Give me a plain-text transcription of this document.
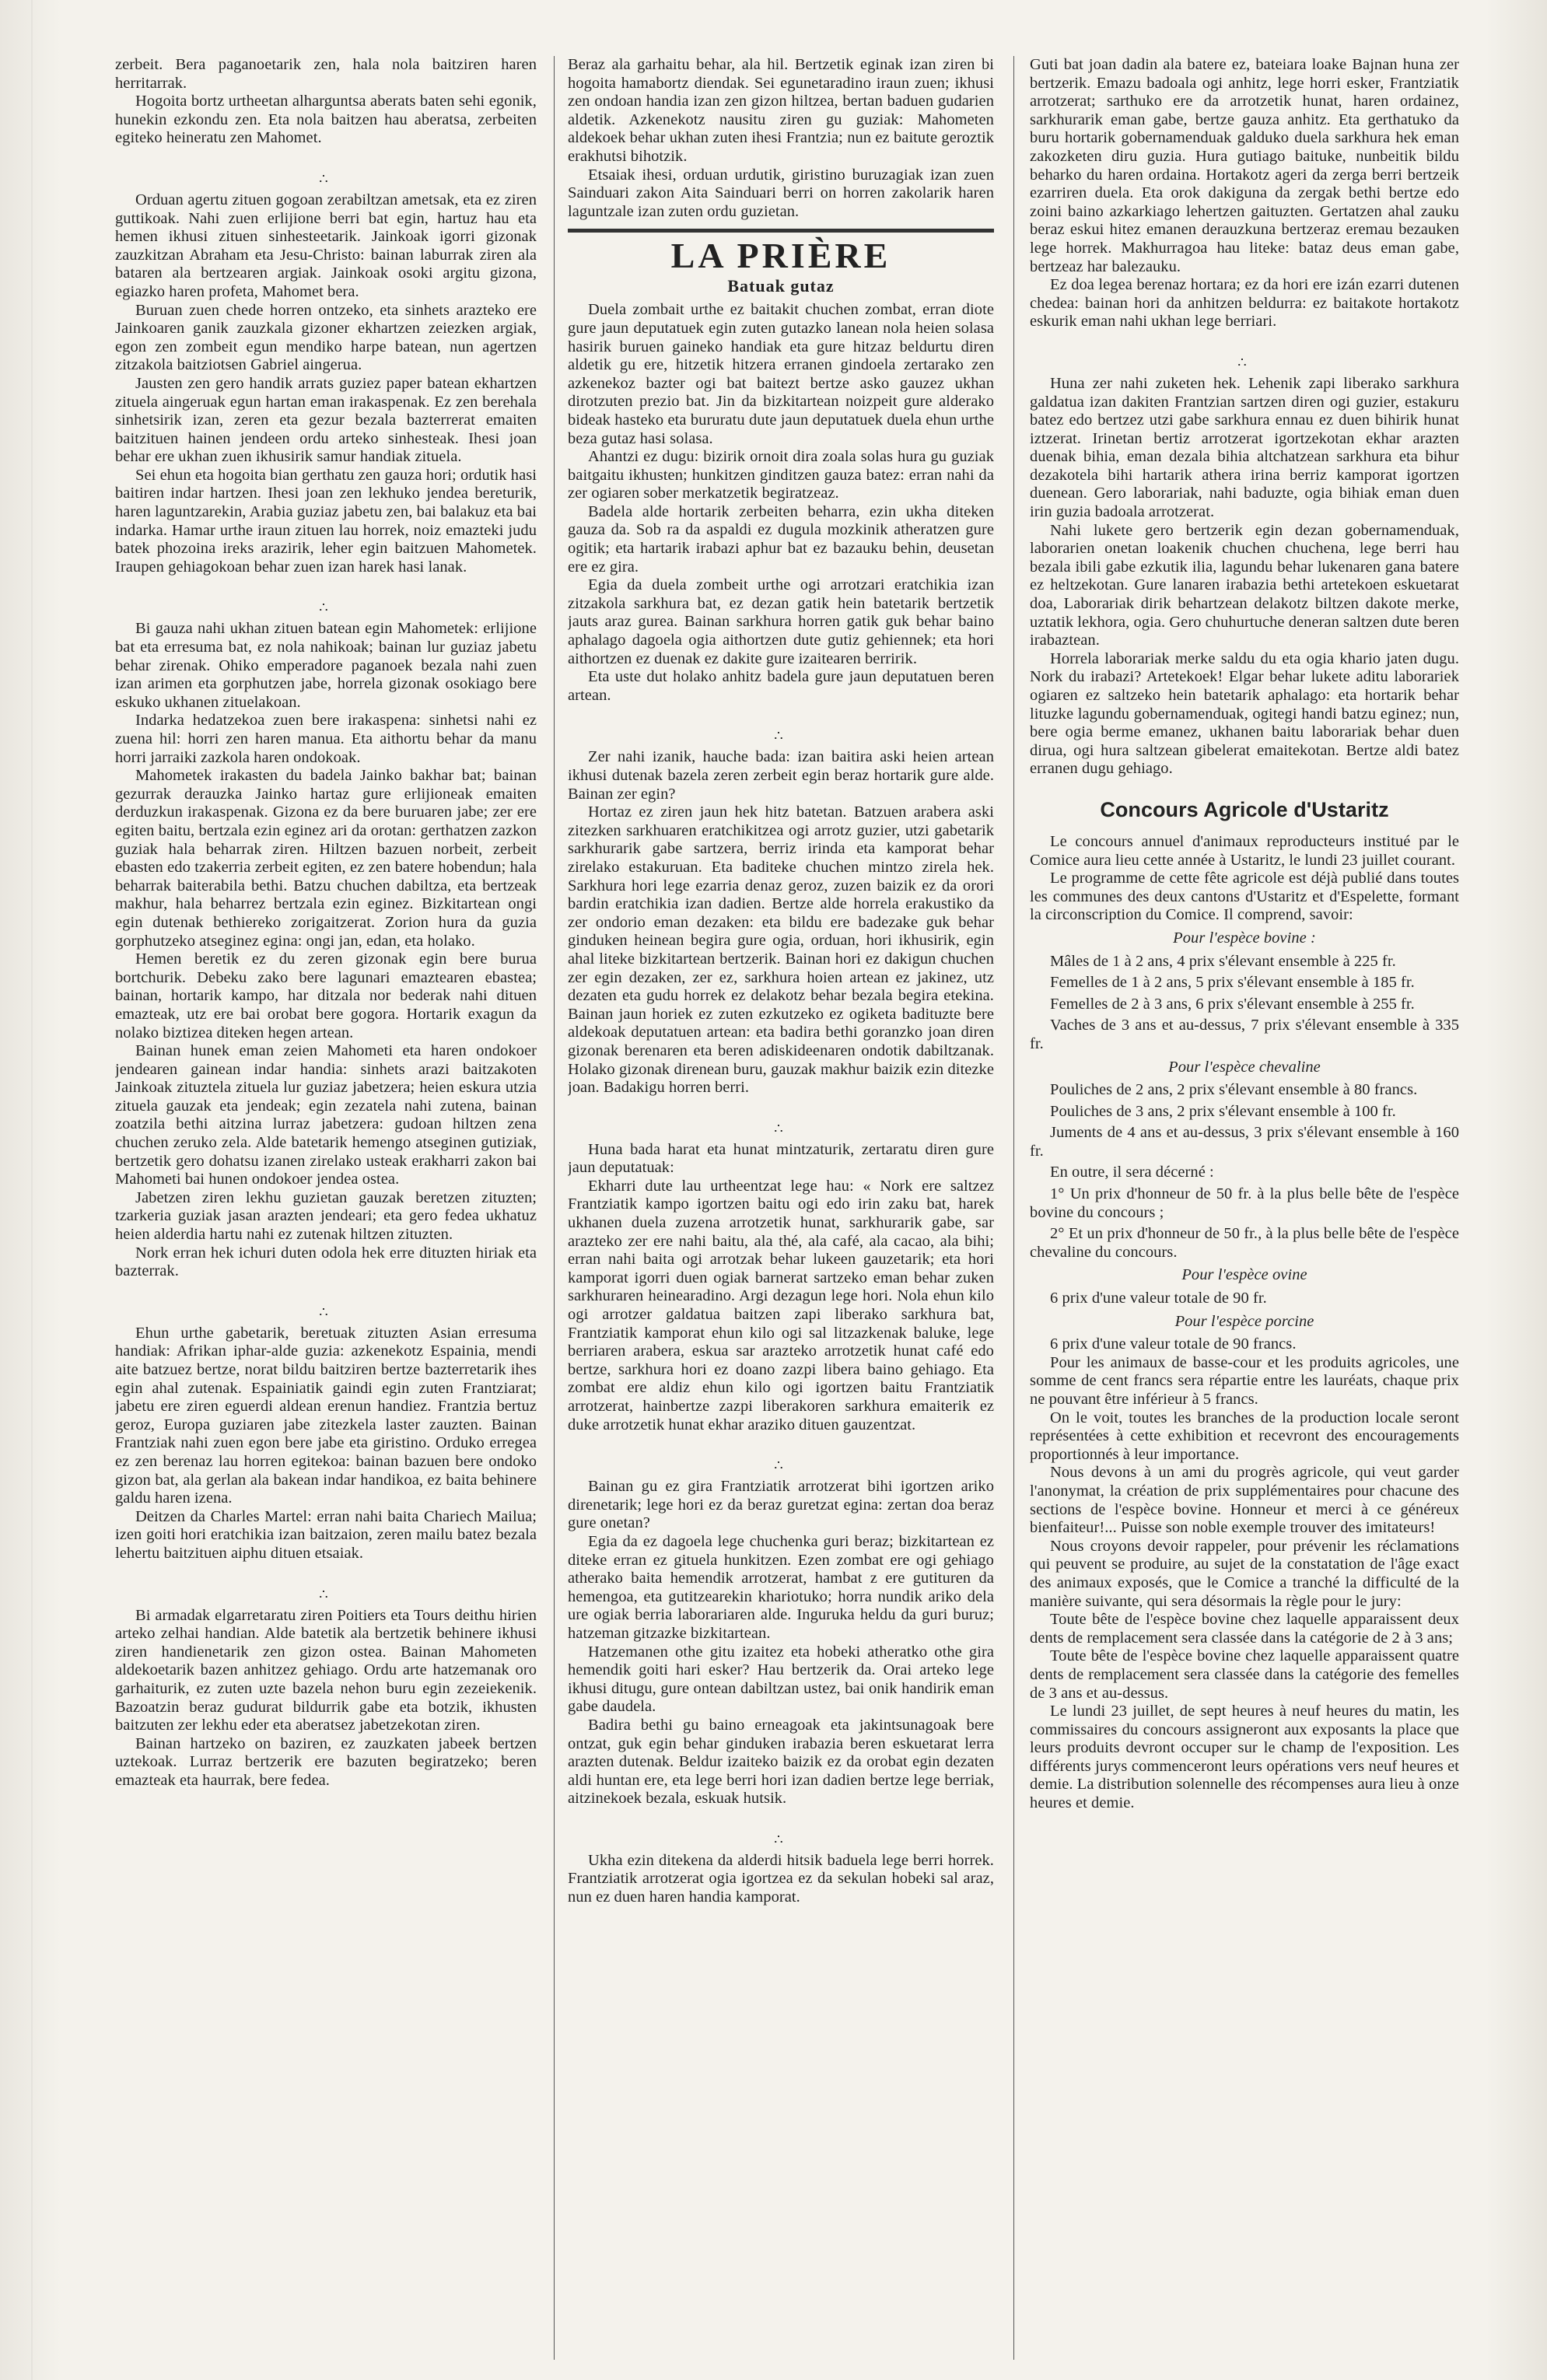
zerbeit. Bera paganoetarik zen, hala nola baitziren haren herritarrak.

Hogoita bortz urtheetan alharguntsa aberats baten sehi egonik, hunekin ezkondu zen. Eta nola baitzen hau aberatsa, zerbeiten egiteko heineratu zen Mahomet.

∴

Orduan agertu zituen gogoan zerabiltzan ametsak, eta ez ziren guttikoak. Nahi zuen erlijione berri bat egin, hartuz hau eta hemen ikhusi zituen sinhesteetarik. Jainkoak igorri gizonak zauzkitzan Abraham eta Jesu-Christo: bainan laburrak ziren ala bataren ala bertzearen argiak. Jainkoak osoki argitu gizona, egiazko haren profeta, Mahomet bera.

Buruan zuen chede horren ontzeko, eta sinhets arazteko ere Jainkoaren ganik zauzkala gizoner ekhartzen zeiezken argiak, egon zen zombeit egun mendiko harpe batean, nun agertzen zitzakola baitziotsen Gabriel aingerua.

Jausten zen gero handik arrats guziez paper batean ekhartzen zituela aingeruak egun hartan eman irakaspenak. Ez zen berehala sinhetsirik izan, zeren eta gezur bezala bazterrerat emaiten baitzituen hainen jendeen ordu arteko sinhesteak. Ihesi joan behar ere ukhan zuen ikhusirik samur handiak zituela.

Sei ehun eta hogoita bian gerthatu zen gauza hori; ordutik hasi baitiren indar hartzen. Ihesi joan zen lekhuko jendea bereturik, haren laguntzarekin, Arabia guziaz jabetu zen, bai balakuz eta bai indarka. Hamar urthe iraun zituen lau horrek, noiz emazteki judu batek phozoina ireks arazirik, leher egin baitzuen Mahometek. Iraupen gehiagokoan behar zuen izan harek hasi lanak.

∴

Bi gauza nahi ukhan zituen batean egin Mahometek: erlijione bat eta erresuma bat, ez nola nahikoak; bainan lur guziaz jabetu behar zirenak. Ohiko emperadore paganoek bezala nahi zuen izan arimen eta gorphutzen jabe, horrela gizonak osokiago bere eskuko ukhanen zituelakoan.

Indarka hedatzekoa zuen bere irakaspena: sinhetsi nahi ez zuena hil: horri zen haren manua. Eta aithortu behar da manu horri jarraiki zazkola haren ondokoak.

Mahometek irakasten du badela Jainko bakhar bat; bainan gezurrak derauzka Jainko hartaz gure erlijioneak emaiten derduzkun irakaspenak. Gizona ez da bere buruaren jabe; zer ere egiten baitu, bertzala ezin eginez ari da orotan: gerthatzen zazkon guziak hala beharrak ziren. Hiltzen bazuen norbeit, zerbeit ebasten edo tzakerria zerbeit egiten, ez zen batere hobendun; hala beharrak baiterabila bethi. Batzu chuchen dabiltza, eta bertzeak makhur, hala beharrez bertzala ezin eginez. Bizkitartean ongi egin dutenak bethiereko zorigaitzerat. Zorion hura da guzia gorphutzeko atseginez egina: ongi jan, edan, eta holako.

Hemen beretik ez du zeren gizonak egin bere burua bortchurik. Debeku zako bere lagunari emaztearen ebastea; bainan, hortarik kampo, har ditzala nor bederak nahi dituen emazteak, utz ere bai orobat bere gogora. Hortarik exagun da nolako biztizea diteken hegen artean.

Bainan hunek eman zeien Mahometi eta haren ondokoer jendearen gainean indar handia: sinhets arazi baitzakoten Jainkoak zituztela zituela lur guziaz jabetzera; heien eskura utzia zituela gauzak eta jendeak; egin zezatela nahi zutena, bainan zoatzila bethi aitzina lurraz jabetzera: gudoan hiltzen zena chuchen zeruko zela. Alde batetarik hemengo atseginen gutiziak, bertzetik gero dohatsu izanen zirelako usteak erakharri zakon bai Mahometi bai hunen ondokoer jendea ostea.

Jabetzen ziren lekhu guzietan gauzak beretzen zituzten; tzarkeria guziak jasan arazten jendeari; eta gero fedea ukhatuz heien alderdia hartu nahi ez zutenak hiltzen zituzten.

Nork erran hek ichuri duten odola hek erre dituzten hiriak eta bazterrak.

∴

Ehun urthe gabetarik, beretuak zituzten Asian erresuma handiak: Afrikan iphar-alde guzia: azkenekotz Espainia, mendi aite batzuez bertze, norat bildu baitziren bertze bazterretarik ihes egin ahal zutenak. Espainiatik gaindi egin zuten Frantziarat; jabetu ere ziren eguerdi aldean erenun handiez. Frantzia bertuz geroz, Europa guziaren jabe zitezkela laster zauzten. Bainan Frantziak nahi zuen egon bere jabe eta giristino. Orduko erregea ez zen berenaz lau horren egitekoa: bainan bazuen bere ondoko gizon bat, ala gerlan ala bakean indar handikoa, ez baita behinere galdu haren izena.

Deitzen da Charles Martel: erran nahi baita Chariech Mailua; izen goiti hori eratchikia izan baitzaion, zeren mailu batez bezala lehertu baitzituen aiphu dituen etsaiak.

∴

Bi armadak elgarretaratu ziren Poitiers eta Tours deithu hirien arteko zelhai handian. Alde batetik ala bertzetik behinere ikhusi ziren handienetarik zen gizon ostea. Bainan Mahometen aldekoetarik bazen anhitzez gehiago. Ordu arte hatzemanak oro garhaiturik, ez zuten uzte bazela nehon buru egin zezeiekenik. Bazoatzin beraz gudurat bildurrik gabe eta botzik, ikhusten baitzuten zer lekhu eder eta aberatsez jabetzekotan ziren.

Bainan hartzeko on baziren, ez zauzkaten jabeek bertzen uztekoak. Lurraz bertzerik ere bazuten begiratzeko; beren emazteak eta haurrak, bere fedea.

Beraz ala garhaitu behar, ala hil. Bertzetik eginak izan ziren bi hogoita hamabortz diendak. Sei egunetaradino iraun zuen; ikhusi zen ondoan handia izan zen gizon hiltzea, bertan baduen gudarien aldetik. Azkenekotz nausitu ziren gu guziak: Mahometen aldekoek behar ukhan zuten ihesi Frantzia; nun ez baitute geroztik erakhutsi bihotzik.

Etsaiak ihesi, orduan urdutik, giristino buruzagiak izan zuen Sainduari zakon Aita Sainduari berri on horren zakolarik haren laguntzale izan zuten ordu guzietan.

LA PRIÈRE
Batuak gutaz

Duela zombait urthe ez baitakit chuchen zombat, erran diote gure jaun deputatuek egin zuten gutazko lanean nola heien solasa hasirik buruen gaineko handiak eta gure hitzaz beldurtu diren aldetik gu ere, hitzetik hitzera erranen gindoela zertarako zen azkenekoz bazter ogi bat baitezt bertze asko gauzez ukhan dirotzuten prezio bat. Jin da bizkitartean noizpeit gure alderako bideak hasteko eta bururatu dute jaun deputatuek duela ehun urthe beza gutaz hasi solasa.

Ahantzi ez dugu: bizirik ornoit dira zoala solas hura gu guziak baitgaitu ikhusten; hunkitzen ginditzen gauza batez: erran nahi da zer ogiaren sober merkatzetik begiratzeaz.

Badela alde hortarik zerbeiten beharra, ezin ukha diteken gauza da. Sob ra da aspaldi ez dugula mozkinik atheratzen gure ogitik; eta hartarik irabazi aphur bat ez bazauku behin, deusetan ere ez gira.

Egia da duela zombeit urthe ogi arrotzari eratchikia izan zitzakola sarkhura bat, ez dezan gatik hein batetarik bertzetik jauts araz gurea. Bainan sarkhura horren gatik guk behar baino aphalago dagoela ogia aithortzen dute gutiz gehiennek; eta hori aithortzen ez duenak ez dakite gure izaitearen berririk.

Eta uste dut holako anhitz badela gure jaun deputatuen beren artean.

∴

Zer nahi izanik, hauche bada: izan baitira aski heien artean ikhusi dutenak bazela zeren zerbeit egin beraz hortarik gure alde. Bainan zer egin?

Hortaz ez ziren jaun hek hitz batetan. Batzuen arabera aski zitezken sarkhuaren eratchikitzea ogi arrotz guzier, utzi gabetarik sarkhurarik gabe sartzera, berriz irinda eta kamporat behar zirelako estakuruan. Eta baditeke chuchen mintzo zirela hek. Sarkhura hori lege ezarria denaz geroz, zuzen baizik ez da orori bardin eratchikia izan dadien. Bertze alde horrela erakustiko da zer ondorio eman dezaken: eta bildu ere badezake guk behar ginduken heinean begira gure ogia, orduan, hori ikhusirik, egin ahal liteke bizkitartean bertzerik. Bainan hori ez dakigun chuchen zer egin dezaken, zer ez, sarkhura hoien artean ez jakinez, utz dezaten eta gudu horrek ez delakotz behar bezala begira etekina. Bainan jaun horiek ez zuten ezkutzeko ez ogiketa badituzte bere aldekoak deputatuen artean: eta badira bethi goranzko joan diren gizonak berenaren eta beren adiskideenaren ondotik dabiltzanak. Holako gizonak direnean buru, gauzak makhur baizik ezin ditezke joan. Badakigu horren berri.

∴

Huna bada harat eta hunat mintzaturik, zertaratu diren gure jaun deputatuak:

Ekharri dute lau urtheentzat lege hau: « Nork ere saltzez Frantziatik kampo igortzen baitu ogi edo irin zaku bat, harek ukhanen duela zuzena arrotzetik hunat, sarkhurarik gabe, sar arazteko zer ere nahi baitu, ala thé, ala café, ala cacao, ala bihi; erran nahi baita ogi arrotzak behar lukeen gauzetarik; eta hori kamporat igorri duen ogiak barnerat sartzeko eman behar zuken sarkhuraren heinearadino. Argi dezagun lege hori. Nola ehun kilo ogi arrotzer galdatua baitzen zapi liberako sarkhura bat, Frantziatik kamporat ehun kilo ogi sal litzazkenak baluke, lege berriaren arabera, eskua sar arazteko arrotzetik hunat café edo bertze, sarkhura hori ez doano zazpi libera baino gehiago. Eta zombat ere aldiz ehun kilo ogi igortzen baitu Frantziatik arrotzerat, hainbertze zazpi liberakoren sarkhura emaiterik ez duke arrotzetik hunat ekhar araziko dituen gauzentzat.

∴

Bainan gu ez gira Frantziatik arrotzerat bihi igortzen ariko direnetarik; lege hori ez da beraz guretzat egina: zertan doa beraz gure onetan?

Egia da ez dagoela lege chuchenka guri beraz; bizkitartean ez diteke erran ez gituela hunkitzen. Ezen zombat ere ogi gehiago atherako baita hemendik arrotzerat, hambat z ere gutituren da hemengoa, eta gutitzearekin khariotuko; horra nundik ariko dela ure ogiak berria laborariaren alde. Inguruka heldu da guri buruz; hatzeman gitzazke bizkitartean.

Hatzemanen othe gitu izaitez eta hobeki atheratko othe gira hemendik goiti hari esker? Hau bertzerik da. Orai arteko lege ikhusi ditugu, gure ontean dabiltzan ustez, bai onik handirik eman gabe daudela.

Badira bethi gu baino erneagoak eta jakintsunagoak bere ontzat, guk egin behar ginduken irabazia beren eskuetarat lerra arazten dutenak. Beldur izaiteko baizik ez da orobat egin dezaten aldi huntan ere, eta lege berri hori izan dadien bertze lege berriak, aitzinekoek bezala, eskuak hutsik.

∴

Ukha ezin ditekena da alderdi hitsik baduela lege berri horrek. Frantziatik arrotzerat ogia igortzea ez da sekulan hobeki sal araz, nun ez duen haren handia kamporat.

Guti bat joan dadin ala batere ez, bateiara loake Bajnan huna zer bertzerik. Emazu badoala ogi anhitz, lege horri esker, Frantziatik arrotzerat; sarthuko ere da arrotzetik hunat, haren ordainez, sarkhurarik eman gabe, bertze gauza anhitz. Eta gerthatuko da buru hortarik gobernamenduak galduko duela sarkhura hek eman zakozketen diru guzia. Hura gutiago baituke, nunbeitik bildu beharko du haren ordaina. Hortakotz ageri da zerga berri bertzeik ezarriren duela. Eta orok dakiguna da zergak bethi bertze edo zoini baino azkarkiago lehertzen gaituzten. Gertatzen ahal zauku beraz eskui hitez emanen derauzkuna bertzeraz eremau bezauken lege horrek. Makhurragoa hau liteke: bataz deus eman gabe, bertzeaz har balezauku.

Ez doa legea berenaz hortara; ez da hori ere izán ezarri dutenen chedea: bainan hori da anhitzen beldurra: ez baitakote hortakotz eskurik eman nahi ukhan lege berriari.

∴

Huna zer nahi zuketen hek. Lehenik zapi liberako sarkhura galdatua izan dakiten Frantzian sartzen diren ogi guzier, estakuru batez edo bertzez utzi gabe sarkhura ennau ez duen bihirik hunat iztzerat. Irinetan bertiz arrotzerat igortzekotan ekhar arazten duenak bihia, eman dezala bihia altchatzean sarkhura eta bihur dezakotela bihi hartarik athera irina berriz kamporat igortzen duenean. Gero laborariak, nahi baduzte, ogia bihiak eman duen irin guzia badoala arrotzerat.

Nahi lukete gero bertzerik egin dezan gobernamenduak, laborarien onetan loakenik chuchen chuchena, lege berri hau bezala ibili gabe ezkutik ilia, lagundu behar lukenaren gana batere ez heltzekotan. Gure lanaren irabazia bethi artetekoen eskuetarat doa, Laborariak dirik behartzean delakotz biltzen dakote merke, uztatik lekhora, ogia. Gero chuhurtuche deneran saltzen dute beren irabaztean.

Horrela laborariak merke saldu du eta ogia khario jaten dugu. Nork du irabazi? Artetekoek! Elgar behar lukete aditu laborariek ogiaren ez saltzeko hein batetarik aphalago: eta hortarik behar lituzke lagundu gobernamenduak, ogitegi handi batzu eginez; nun, bere ogia berme emanez, ukhanen baitu laborariak behar duen dirua, ogi hura saltzean gibelerat emaitekotan. Bertze aldi batez erranen dugu gehiago.

Concours Agricole d'Ustaritz

Le concours annuel d'animaux reproducteurs institué par le Comice aura lieu cette année à Ustaritz, le lundi 23 juillet courant.

Le programme de cette fête agricole est déjà publié dans toutes les communes des deux cantons d'Ustaritz et d'Espelette, formant la circonscription du Comice. Il comprend, savoir:

Pour l'espèce bovine :

Mâles de 1 à 2 ans, 4 prix s'élevant ensemble à 225 fr.

Femelles de 1 à 2 ans, 5 prix s'élevant ensemble à 185 fr.

Femelles de 2 à 3 ans, 6 prix s'élevant ensemble à 255 fr.

Vaches de 3 ans et au-dessus, 7 prix s'élevant ensemble à 335 fr.

Pour l'espèce chevaline

Pouliches de 2 ans, 2 prix s'élevant ensemble à 80 francs.

Pouliches de 3 ans, 2 prix s'élevant ensemble à 100 fr.

Juments de 4 ans et au-dessus, 3 prix s'élevant ensemble à 160 fr.

En outre, il sera décerné :

1° Un prix d'honneur de 50 fr. à la plus belle bête de l'espèce bovine du concours ;

2° Et un prix d'honneur de 50 fr., à la plus belle bête de l'espèce chevaline du concours.

Pour l'espèce ovine

6 prix d'une valeur totale de 90 fr.

Pour l'espèce porcine

6 prix d'une valeur totale de 90 francs.

Pour les animaux de basse-cour et les produits agricoles, une somme de cent francs sera répartie entre les lauréats, chaque prix ne pouvant être inférieur à 5 francs.

On le voit, toutes les branches de la production locale seront représentées à cette exhibition et recevront des encouragements proportionnés à leur importance.

Nous devons à un ami du progrès agricole, qui veut garder l'anonymat, la création de prix supplémentaires pour chacune des sections de l'espèce bovine. Honneur et merci à ce généreux bienfaiteur!... Puisse son noble exemple trouver des imitateurs!

Nous croyons devoir rappeler, pour prévenir les réclamations qui peuvent se produire, au sujet de la constatation de l'âge exact des animaux exposés, que le Comice a tranché la difficulté de la manière suivante, qui sera désormais la règle pour le jury:

Toute bête de l'espèce bovine chez laquelle apparaissent deux dents de remplacement sera classée dans la catégorie de 2 à 3 ans;

Toute bête de l'espèce bovine chez laquelle apparaissent quatre dents de remplacement sera classée dans la catégorie des femelles de 3 ans et au-dessus.

Le lundi 23 juillet, de sept heures à neuf heures du matin, les commissaires du concours assigneront aux exposants la place que leurs produits devront occuper sur le champ de l'exposition. Les différents jurys commenceront leurs opérations vers neuf heures et demie. La distribution solennelle des récompenses aura lieu à onze heures et demie.
